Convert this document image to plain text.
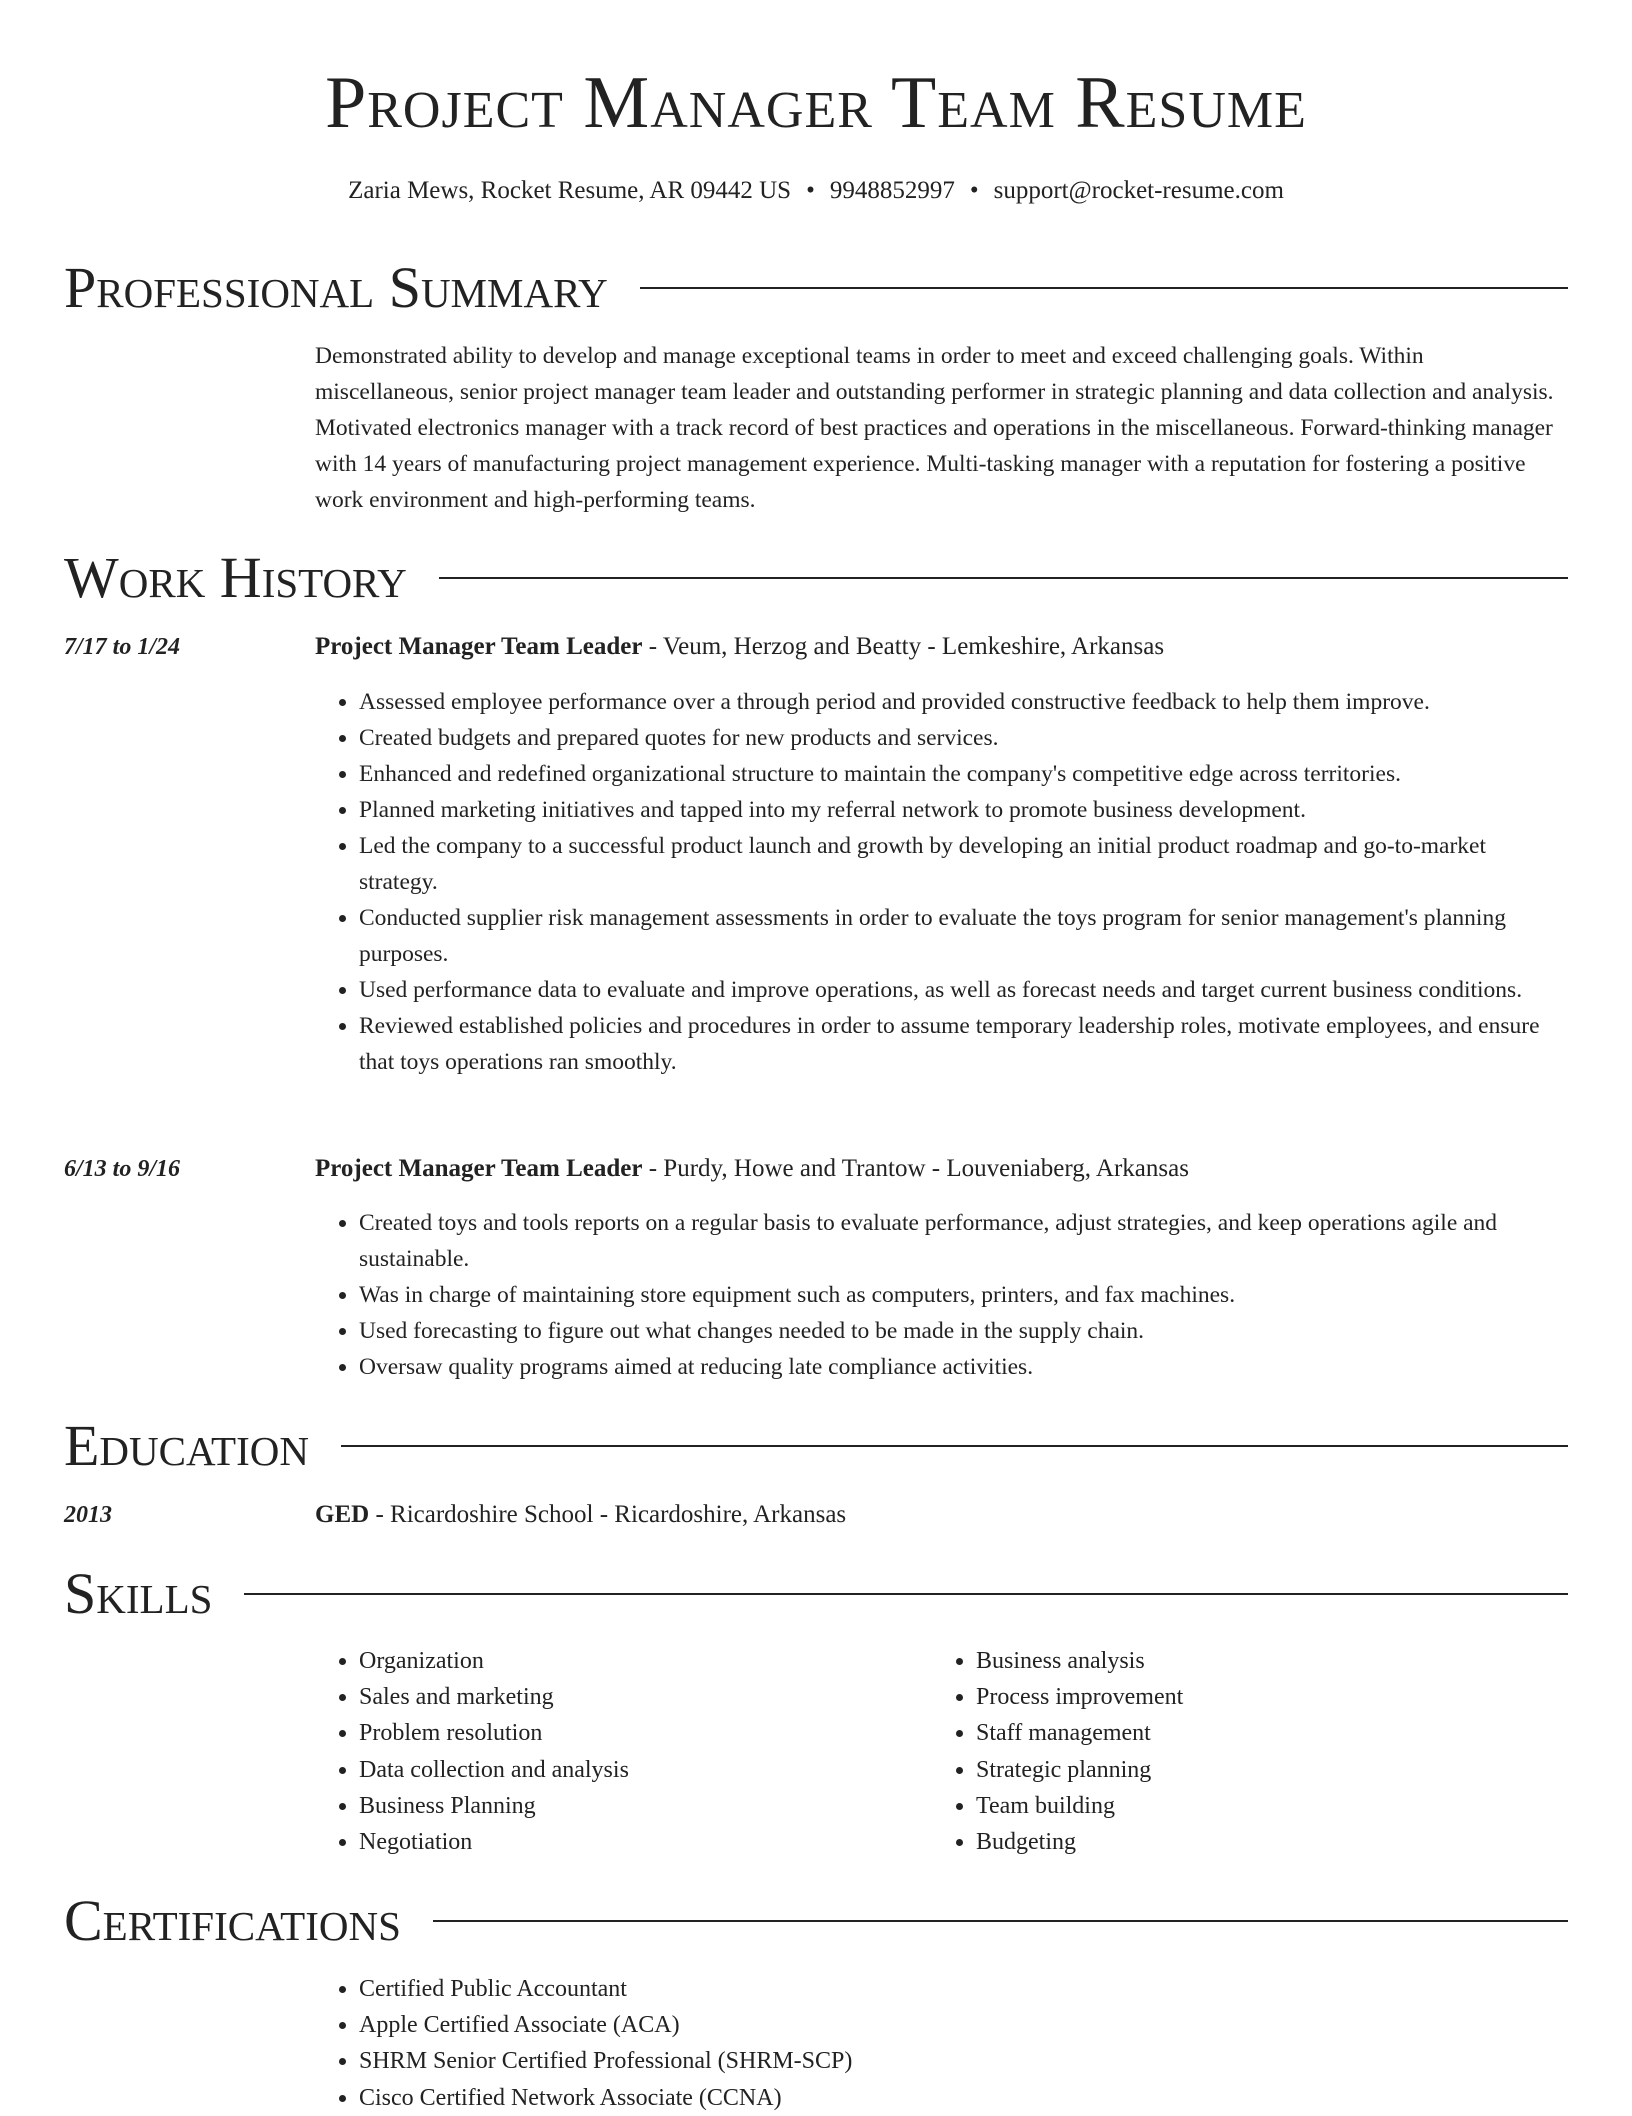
Project Manager Team Resume
Zaria Mews, Rocket Resume, AR 09442 US • 9948852997 • support@rocket-resume.com
Professional Summary
Demonstrated ability to develop and manage exceptional teams in order to meet and exceed challenging goals. Within miscellaneous, senior project manager team leader and outstanding performer in strategic planning and data collection and analysis. Motivated electronics manager with a track record of best practices and operations in the miscellaneous. Forward-thinking manager with 14 years of manufacturing project management experience. Multi-tasking manager with a reputation for fostering a positive work environment and high-performing teams.
Work History
7/17 to 1/24	Project Manager Team Leader - Veum, Herzog and Beatty - Lemkeshire, Arkansas
• Assessed employee performance over a through period and provided constructive feedback to help them improve.
• Created budgets and prepared quotes for new products and services.
• Enhanced and redefined organizational structure to maintain the company's competitive edge across territories.
• Planned marketing initiatives and tapped into my referral network to promote business development.
• Led the company to a successful product launch and growth by developing an initial product roadmap and go-to-market strategy.
• Conducted supplier risk management assessments in order to evaluate the toys program for senior management's planning purposes.
• Used performance data to evaluate and improve operations, as well as forecast needs and target current business conditions.
• Reviewed established policies and procedures in order to assume temporary leadership roles, motivate employees, and ensure that toys operations ran smoothly.
6/13 to 9/16	Project Manager Team Leader - Purdy, Howe and Trantow - Louveniaberg, Arkansas
• Created toys and tools reports on a regular basis to evaluate performance, adjust strategies, and keep operations agile and sustainable.
• Was in charge of maintaining store equipment such as computers, printers, and fax machines.
• Used forecasting to figure out what changes needed to be made in the supply chain.
• Oversaw quality programs aimed at reducing late compliance activities.
Education
2013	GED - Ricardoshire School - Ricardoshire, Arkansas
Skills
• Organization
• Sales and marketing
• Problem resolution
• Data collection and analysis
• Business Planning
• Negotiation
• Business analysis
• Process improvement
• Staff management
• Strategic planning
• Team building
• Budgeting
Certifications
• Certified Public Accountant
• Apple Certified Associate (ACA)
• SHRM Senior Certified Professional (SHRM-SCP)
• Cisco Certified Network Associate (CCNA)
